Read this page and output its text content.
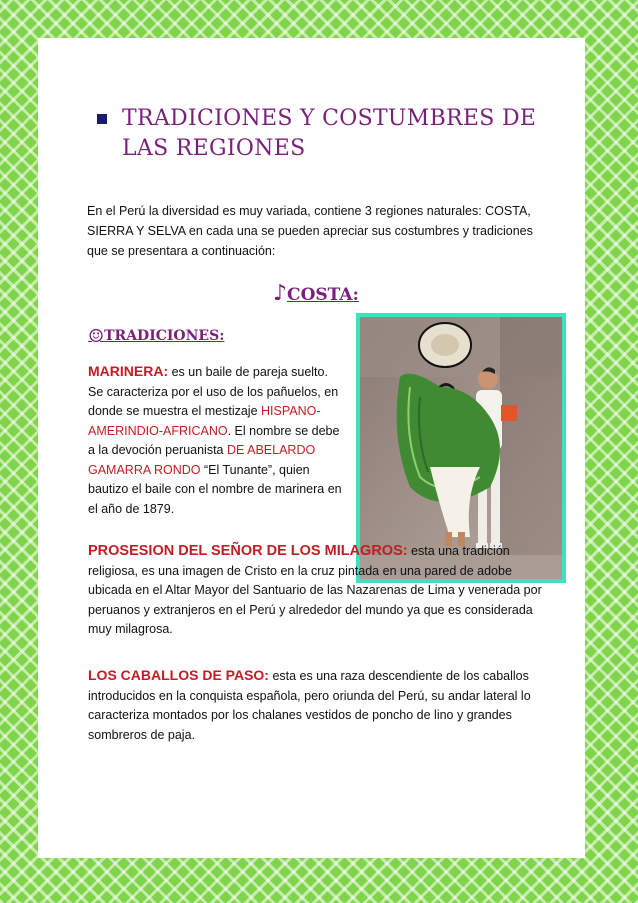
TRADICIONES Y COSTUMBRES DE LAS REGIONES
En el Perú la diversidad es muy variada, contiene 3 regiones naturales: COSTA, SIERRA Y SELVA en cada una se pueden apreciar sus costumbres y tradiciones que se presentara a continuación:
♪COSTA:
☺TRADICIONES:
MARINERA: es un baile de pareja suelto. Se caracteriza por el uso de los pañuelos, en donde se muestra el mestizaje HISPANO-AMERINDIO-AFRICANO. El nombre se debe a la devoción peruanista DE ABELARDO GAMARRA RONDO “El Tunante”, quien bautizo el baile con el nombre de marinera en el año de 1879.
PROSESION DEL SEÑOR DE LOS MILAGROS: esta una tradición religiosa, es una imagen de Cristo en la cruz pintada en una pared de adobe ubicada en el Altar Mayor del Santuario de las Nazarenas de Lima y venerada por peruanos y extranjeros en el Perú y alrededor del mundo ya que es considerada muy milagrosa.
LOS CABALLOS DE PASO: esta es una raza descendiente de los caballos introducidos en la conquista española, pero oriunda del Perú, su andar lateral lo caracteriza montados por los chalanes vestidos de poncho de lino y grandes sombreros de paja.
